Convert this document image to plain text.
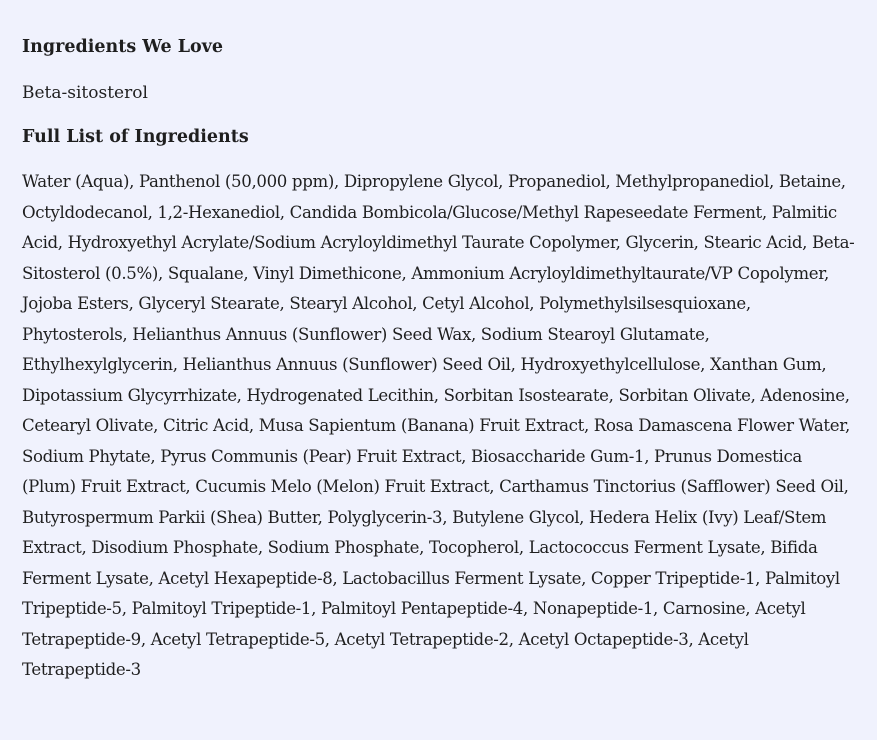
Ingredients We Love

Beta-sitosterol

Full List of Ingredients

Water (Aqua), Panthenol (50,000 ppm), Dipropylene Glycol, Propanediol, Methylpropanediol, Betaine, Octyldodecanol, 1,2-Hexanediol, Candida Bombicola/Glucose/Methyl Rapeseedate Ferment, Palmitic Acid, Hydroxyethyl Acrylate/Sodium Acryloyldimethyl Taurate Copolymer, Glycerin, Stearic Acid, Beta-Sitosterol (0.5%), Squalane, Vinyl Dimethicone, Ammonium Acryloyldimethyltaurate/VP Copolymer, Jojoba Esters, Glyceryl Stearate, Stearyl Alcohol, Cetyl Alcohol, Polymethylsilsesquioxane, Phytosterols, Helianthus Annuus (Sunflower) Seed Wax, Sodium Stearoyl Glutamate, Ethylhexylglycerin, Helianthus Annuus (Sunflower) Seed Oil, Hydroxyethylcellulose, Xanthan Gum, Dipotassium Glycyrrhizate, Hydrogenated Lecithin, Sorbitan Isostearate, Sorbitan Olivate, Adenosine, Cetearyl Olivate, Citric Acid, Musa Sapientum (Banana) Fruit Extract, Rosa Damascena Flower Water, Sodium Phytate, Pyrus Communis (Pear) Fruit Extract, Biosaccharide Gum-1, Prunus Domestica (Plum) Fruit Extract, Cucumis Melo (Melon) Fruit Extract, Carthamus Tinctorius (Safflower) Seed Oil, Butyrospermum Parkii (Shea) Butter, Polyglycerin-3, Butylene Glycol, Hedera Helix (Ivy) Leaf/Stem Extract, Disodium Phosphate, Sodium Phosphate, Tocopherol, Lactococcus Ferment Lysate, Bifida Ferment Lysate, Acetyl Hexapeptide-8, Lactobacillus Ferment Lysate, Copper Tripeptide-1, Palmitoyl Tripeptide-5, Palmitoyl Tripeptide-1, Palmitoyl Pentapeptide-4, Nonapeptide-1, Carnosine, Acetyl Tetrapeptide-9, Acetyl Tetrapeptide-5, Acetyl Tetrapeptide-2, Acetyl Octapeptide-3, Acetyl Tetrapeptide-3
